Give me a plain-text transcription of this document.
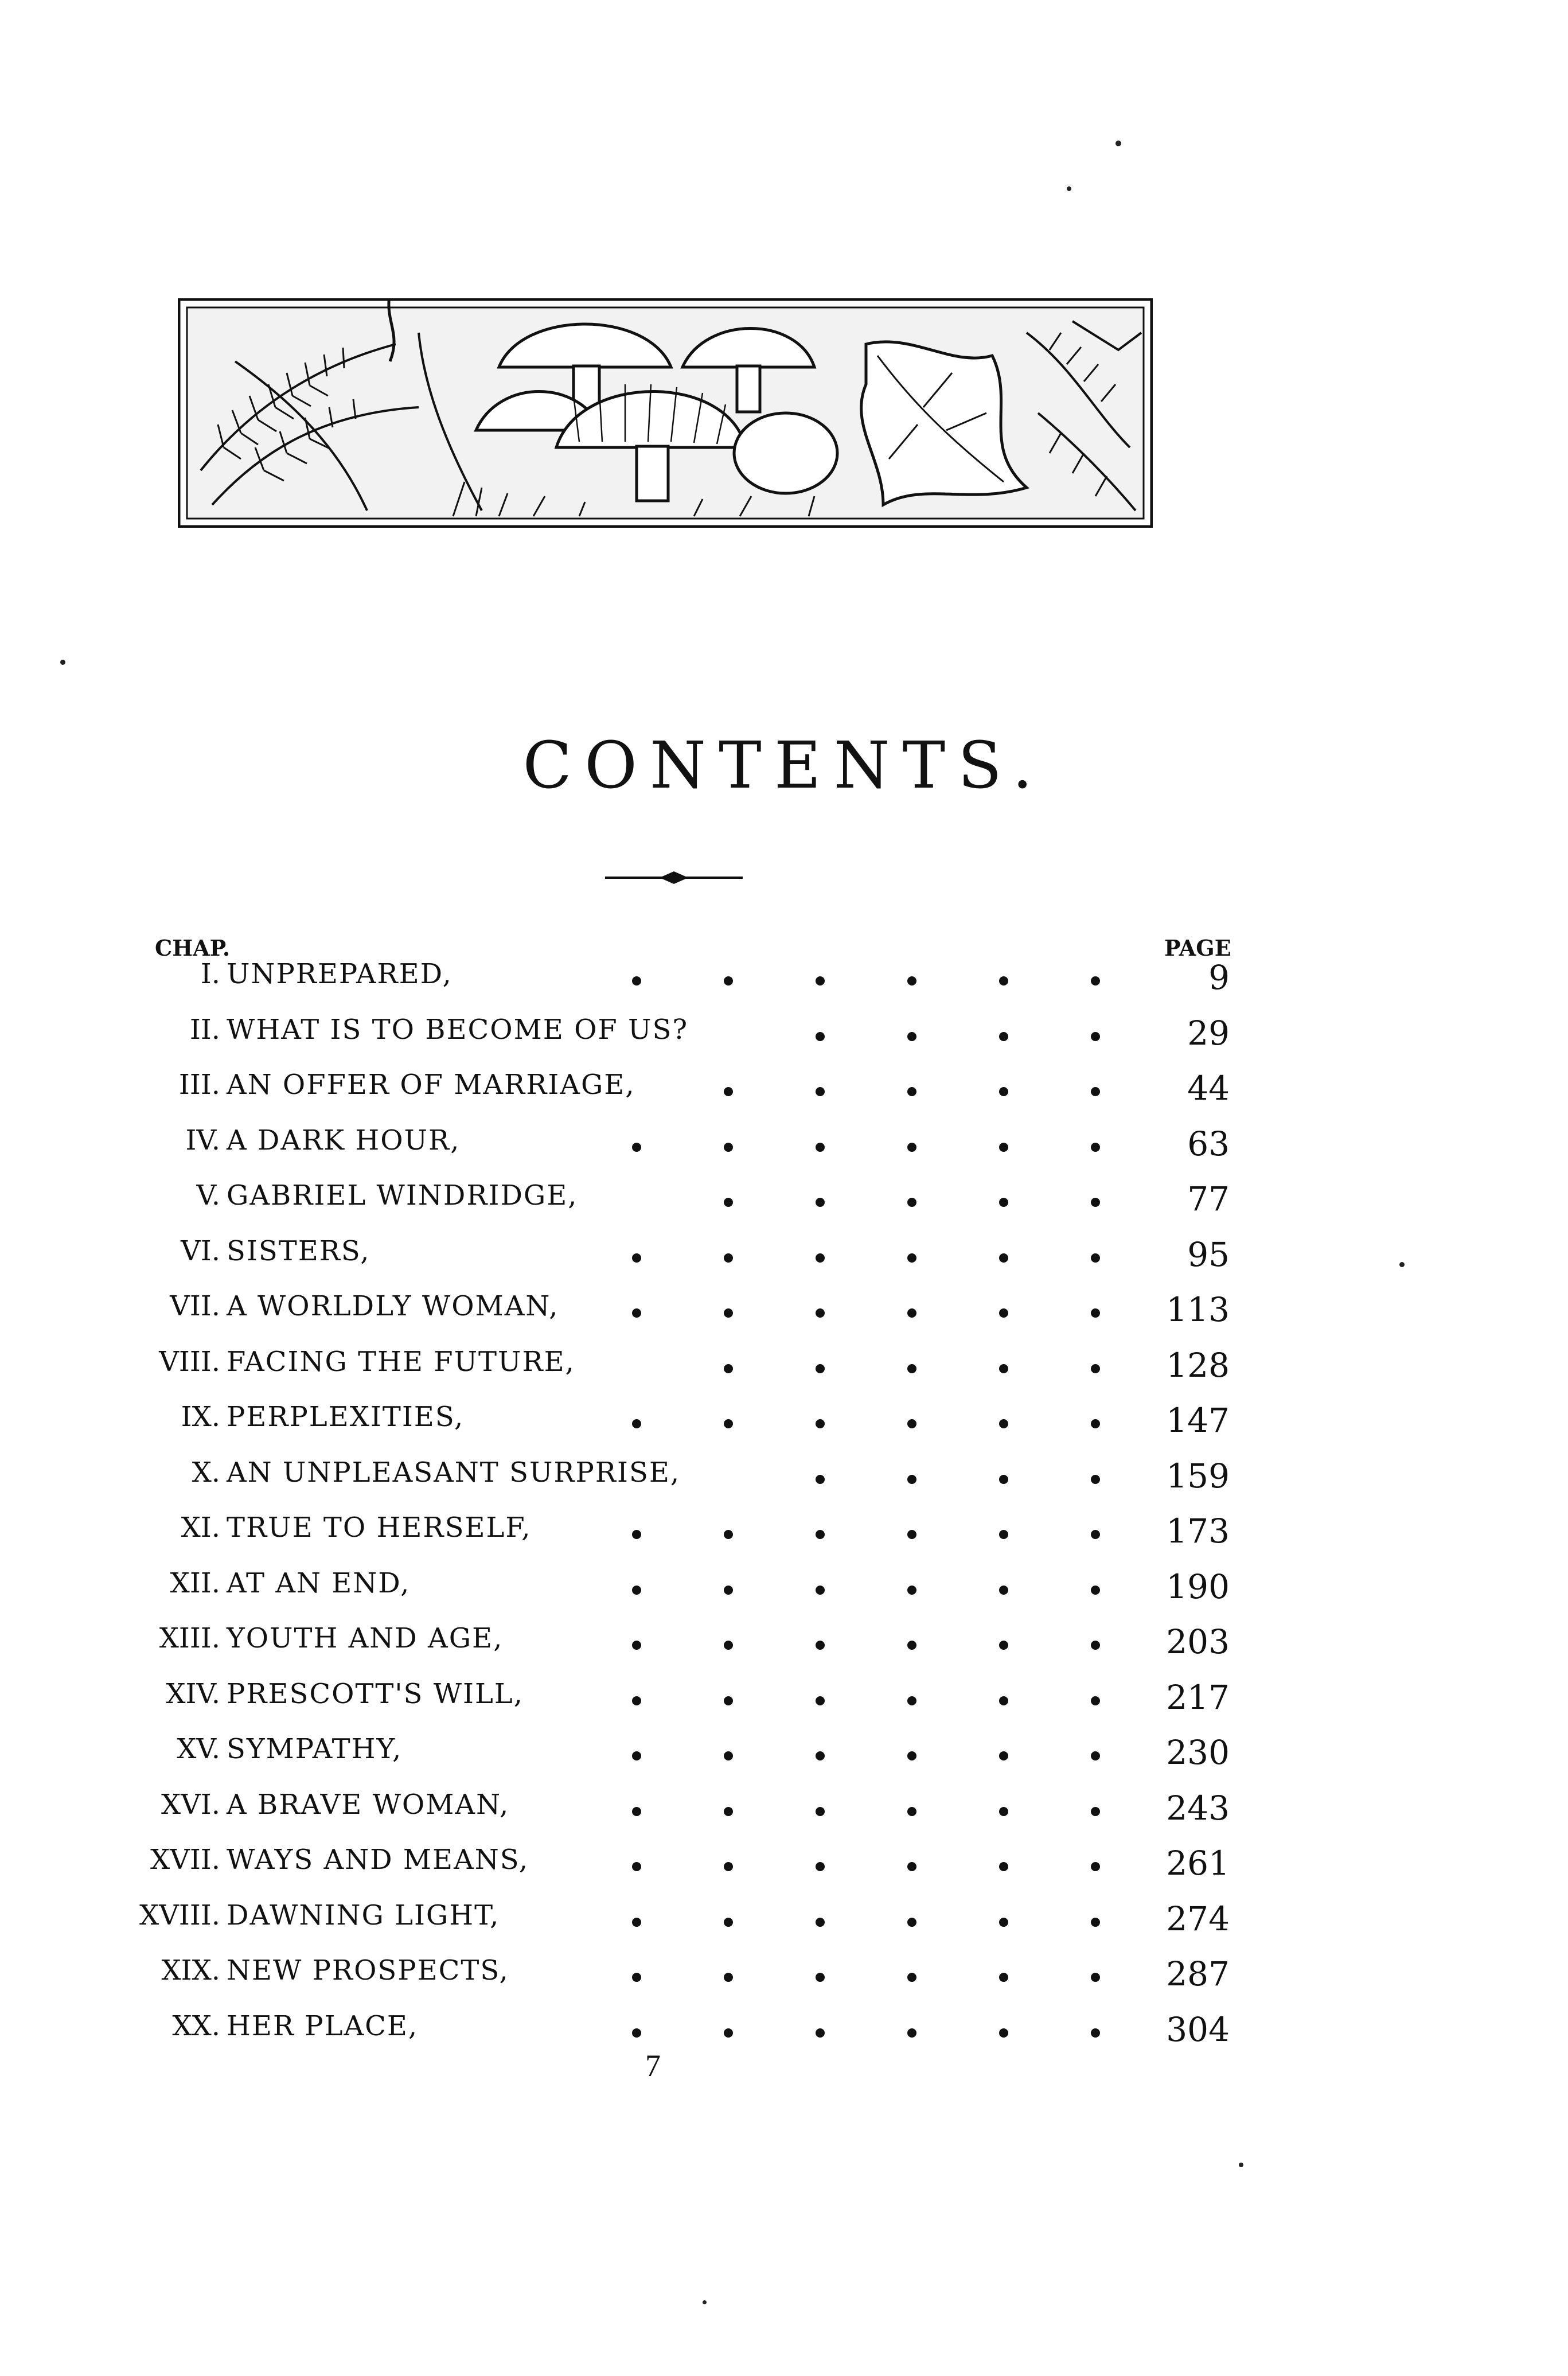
CONTENTS.
CHAP.	PAGE
I. UNPREPARED,	9
II. WHAT IS TO BECOME OF US?	29
III. AN OFFER OF MARRIAGE,	44
IV. A DARK HOUR,	63
V. GABRIEL WINDRIDGE,	77
VI. SISTERS,	95
VII. A WORLDLY WOMAN,	113
VIII. FACING THE FUTURE,	128
IX. PERPLEXITIES,	147
X. AN UNPLEASANT SURPRISE,	159
XI. TRUE TO HERSELF,	173
XII. AT AN END,	190
XIII. YOUTH AND AGE,	203
XIV. PRESCOTT'S WILL,	217
XV. SYMPATHY,	230
XVI. A BRAVE WOMAN,	243
XVII. WAYS AND MEANS,	261
XVIII. DAWNING LIGHT,	274
XIX. NEW PROSPECTS,	287
XX. HER PLACE,	304
7
